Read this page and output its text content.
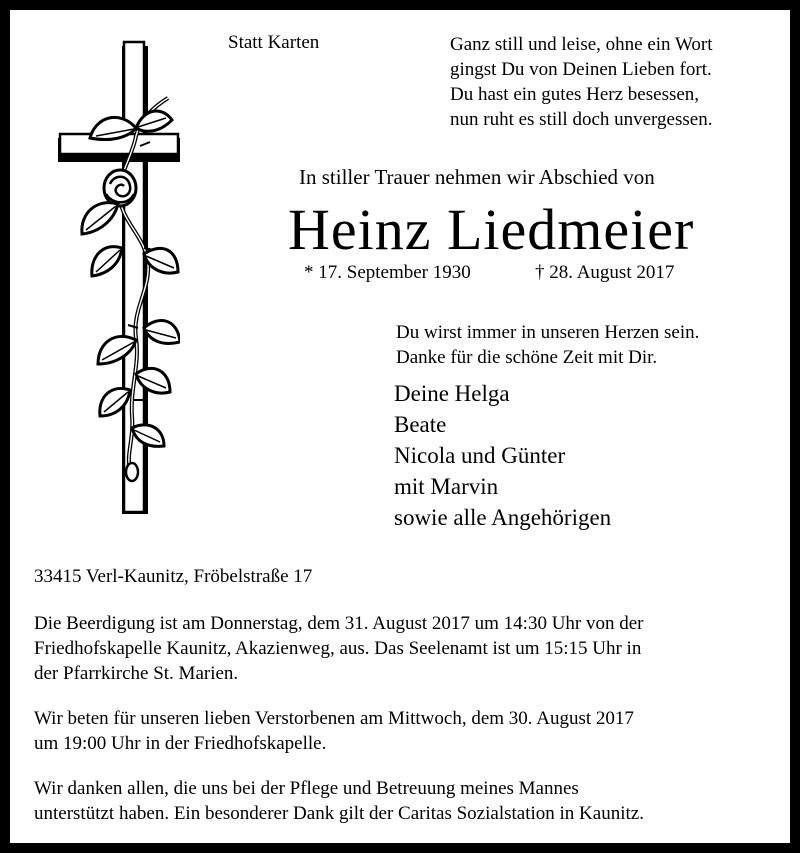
Statt Karten	Ganz still und leise, ohne ein Wort
gingst Du von Deinen Lieben fort.
Du hast ein gutes Herz besessen,
nun ruht es still doch unvergessen.
In stiller Trauer nehmen wir Abschied von
Heinz Liedmeier
* 17. September 1930	† 28. August 2017
Du wirst immer in unseren Herzen sein.
Danke für die schöne Zeit mit Dir.
Deine Helga
Beate
Nicola und Günter
mit Marvin
sowie alle Angehörigen
33415 Verl-Kaunitz, Fröbelstraße 17
Die Beerdigung ist am Donnerstag, dem 31. August 2017 um 14:30 Uhr von der
Friedhofskapelle Kaunitz, Akazienweg, aus. Das Seelenamt ist um 15:15 Uhr in
der Pfarrkirche St. Marien.
Wir beten für unseren lieben Verstorbenen am Mittwoch, dem 30. August 2017
um 19:00 Uhr in der Friedhofskapelle.
Wir danken allen, die uns bei der Pflege und Betreuung meines Mannes
unterstützt haben. Ein besonderer Dank gilt der Caritas Sozialstation in Kaunitz.
